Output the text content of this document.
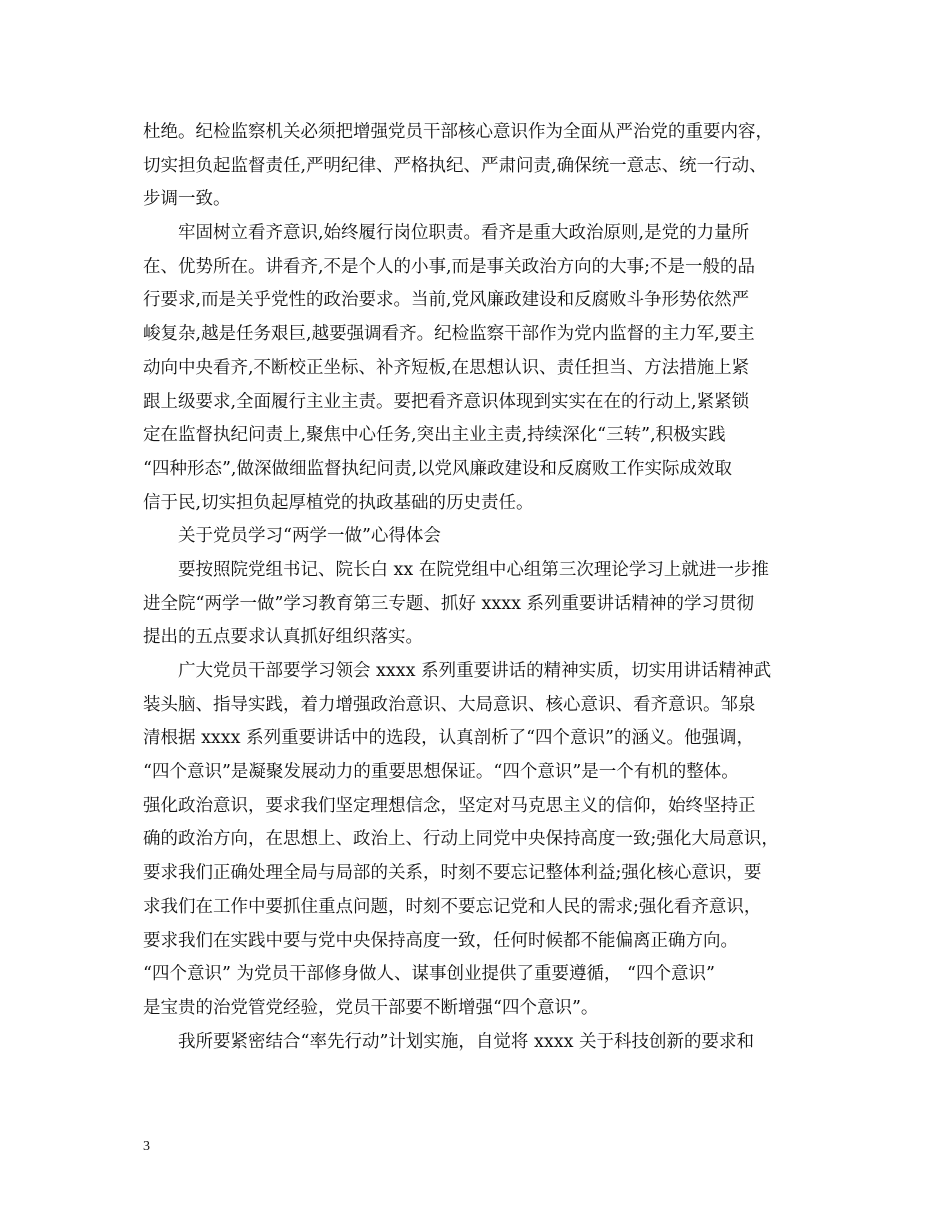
杜绝。纪检监察机关必须把增强党员干部核心意识作为全面从严治党的重要内容，
切实担负起监督责任,严明纪律、严格执纪、严肃问责,确保统一意志、统一行动、
步调一致。
牢固树立看齐意识,始终履行岗位职责。看齐是重大政治原则,是党的力量所
在、优势所在。讲看齐,不是个人的小事,而是事关政治方向的大事;不是一般的品
行要求,而是关乎党性的政治要求。当前,党风廉政建设和反腐败斗争形势依然严
峻复杂,越是任务艰巨,越要强调看齐。纪检监察干部作为党内监督的主力军,要主
动向中央看齐,不断校正坐标、补齐短板,在思想认识、责任担当、方法措施上紧
跟上级要求,全面履行主业主责。要把看齐意识体现到实实在在的行动上,紧紧锁
定在监督执纪问责上,聚焦中心任务,突出主业主责,持续深化“三转”,积极实践
“四种形态”,做深做细监督执纪问责,以党风廉政建设和反腐败工作实际成效取
信于民,切实担负起厚植党的执政基础的历史责任。
关于党员学习“两学一做”心得体会
要按照院党组书记、院长白 xx 在院党组中心组第三次理论学习上就进一步推
进全院“两学一做”学习教育第三专题、抓好 xxxx 系列重要讲话精神的学习贯彻
提出的五点要求认真抓好组织落实。
广大党员干部要学习领会 xxxx 系列重要讲话的精神实质，切实用讲话精神武
装头脑、指导实践，着力增强政治意识、大局意识、核心意识、看齐意识。邹泉
清根据 xxxx 系列重要讲话中的选段，认真剖析了“四个意识”的涵义。他强调，
“四个意识”是凝聚发展动力的重要思想保证。“四个意识”是一个有机的整体。
强化政治意识，要求我们坚定理想信念，坚定对马克思主义的信仰，始终坚持正
确的政治方向，在思想上、政治上、行动上同党中央保持高度一致;强化大局意识，
要求我们正确处理全局与局部的关系，时刻不要忘记整体利益;强化核心意识，要
求我们在工作中要抓住重点问题，时刻不要忘记党和人民的需求;强化看齐意识，
要求我们在实践中要与党中央保持高度一致，任何时候都不能偏离正确方向。
“四个意识” 为党员干部修身做人、谋事创业提供了重要遵循， “四个意识”
是宝贵的治党管党经验，党员干部要不断增强“四个意识”。
我所要紧密结合“率先行动”计划实施，自觉将 xxxx 关于科技创新的要求和
3
